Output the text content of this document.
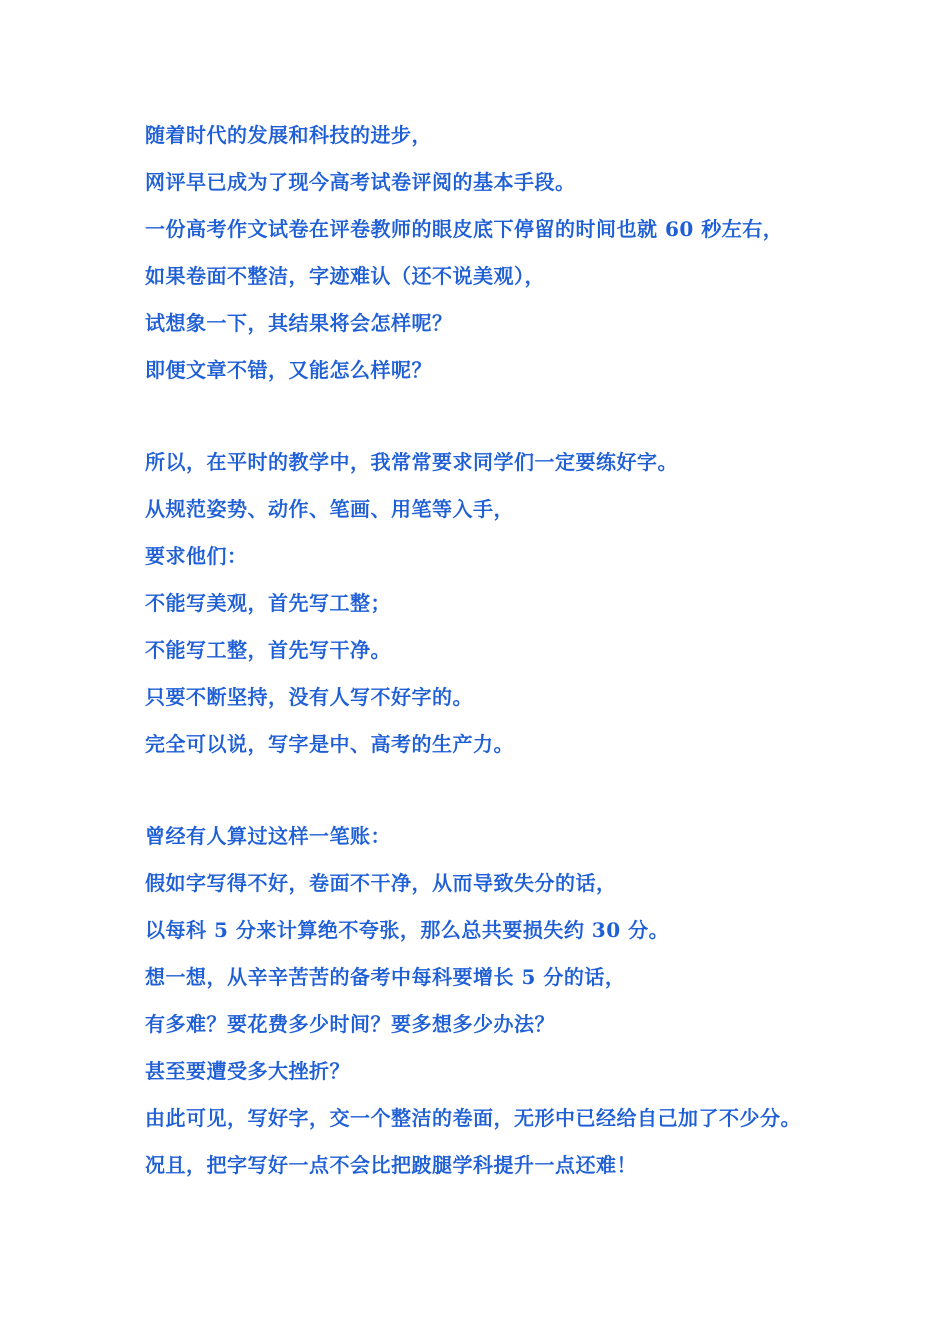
随着时代的发展和科技的进步，
网评早已成为了现今高考试卷评阅的基本手段。
一份高考作文试卷在评卷教师的眼皮底下停留的时间也就 60 秒左右，
如果卷面不整洁，字迹难认（还不说美观），
试想象一下，其结果将会怎样呢？
即便文章不错，又能怎么样呢？
所以，在平时的教学中，我常常要求同学们一定要练好字。
从规范姿势、动作、笔画、用笔等入手，
要求他们：
不能写美观，首先写工整；
不能写工整，首先写干净。
只要不断坚持，没有人写不好字的。
完全可以说，写字是中、高考的生产力。
曾经有人算过这样一笔账：
假如字写得不好，卷面不干净，从而导致失分的话，
以每科 5 分来计算绝不夸张，那么总共要损失约 30 分。
想一想，从辛辛苦苦的备考中每科要增长 5 分的话，
有多难？要花费多少时间？要多想多少办法？
甚至要遭受多大挫折？
由此可见，写好字，交一个整洁的卷面，无形中已经给自己加了不少分。
况且，把字写好一点不会比把跛腿学科提升一点还难！
